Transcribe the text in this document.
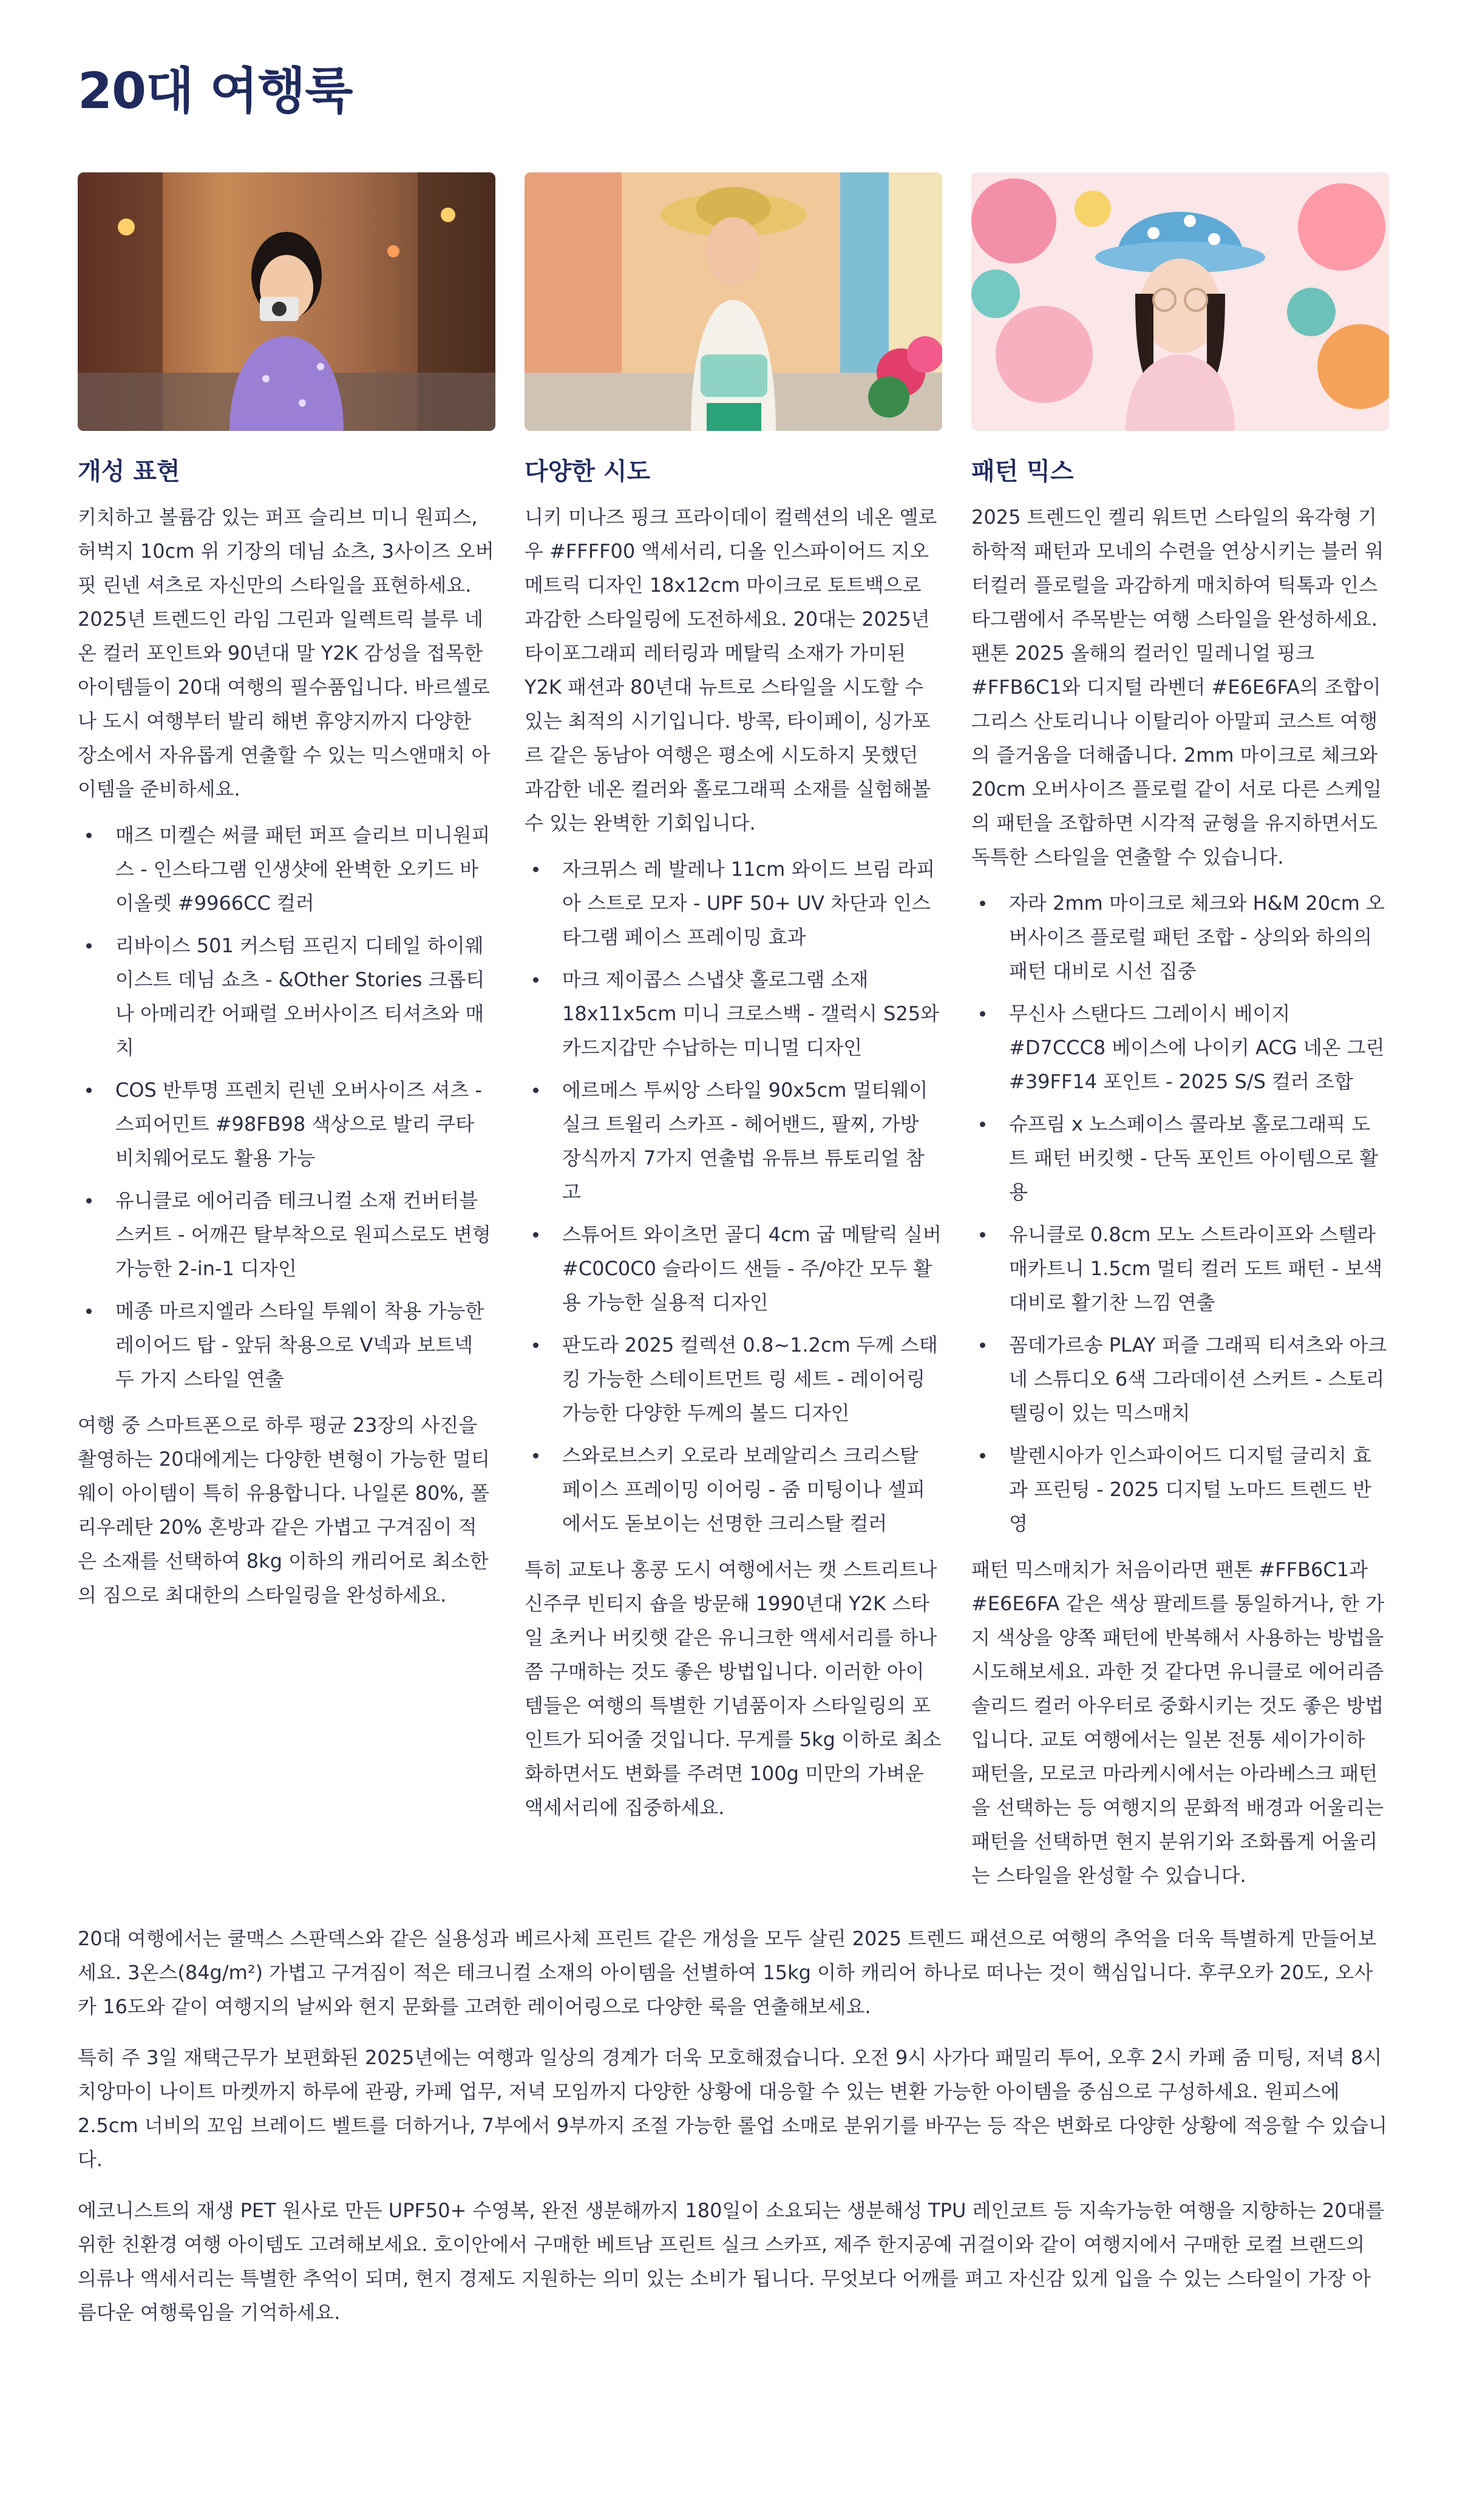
20대 여행룩
개성 표현

키치하고 볼륨감 있는 퍼프 슬리브 미니 원피스, 허벅지 10cm 위 기장의 데님 쇼츠, 3사이즈 오버핏 린넨 셔츠로 자신만의 스타일을 표현하세요. 2025년 트렌드인 라임 그린과 일렉트릭 블루 네온 컬러 포인트와 90년대 말 Y2K 감성을 접목한 아이템들이 20대 여행의 필수품입니다. 바르셀로나 도시 여행부터 발리 해변 휴양지까지 다양한 장소에서 자유롭게 연출할 수 있는 믹스앤매치 아이템을 준비하세요.

매즈 미켈슨 써클 패턴 퍼프 슬리브 미니원피스 - 인스타그램 인생샷에 완벽한 오키드 바이올렛 #9966CC 컬러
리바이스 501 커스텀 프린지 디테일 하이웨이스트 데님 쇼츠 - &Other Stories 크롭티나 아메리칸 어패럴 오버사이즈 티셔츠와 매치
COS 반투명 프렌치 린넨 오버사이즈 셔츠 - 스피어민트 #98FB98 색상으로 발리 쿠타 비치웨어로도 활용 가능
유니클로 에어리즘 테크니컬 소재 컨버터블 스커트 - 어깨끈 탈부착으로 원피스로도 변형 가능한 2-in-1 디자인
메종 마르지엘라 스타일 투웨이 착용 가능한 레이어드 탑 - 앞뒤 착용으로 V넥과 보트넥 두 가지 스타일 연출

여행 중 스마트폰으로 하루 평균 23장의 사진을 촬영하는 20대에게는 다양한 변형이 가능한 멀티웨이 아이템이 특히 유용합니다. 나일론 80%, 폴리우레탄 20% 혼방과 같은 가볍고 구겨짐이 적은 소재를 선택하여 8kg 이하의 캐리어로 최소한의 짐으로 최대한의 스타일링을 완성하세요.

다양한 시도

니키 미나즈 핑크 프라이데이 컬렉션의 네온 옐로우 #FFFF00 액세서리, 디올 인스파이어드 지오메트릭 디자인 18x12cm 마이크로 토트백으로 과감한 스타일링에 도전하세요. 20대는 2025년 타이포그래피 레터링과 메탈릭 소재가 가미된 Y2K 패션과 80년대 뉴트로 스타일을 시도할 수 있는 최적의 시기입니다. 방콕, 타이페이, 싱가포르 같은 동남아 여행은 평소에 시도하지 못했던 과감한 네온 컬러와 홀로그래픽 소재를 실험해볼 수 있는 완벽한 기회입니다.

자크뮈스 레 발레나 11cm 와이드 브림 라피아 스트로 모자 - UPF 50+ UV 차단과 인스타그램 페이스 프레이밍 효과
마크 제이콥스 스냅샷 홀로그램 소재 18x11x5cm 미니 크로스백 - 갤럭시 S25와 카드지갑만 수납하는 미니멀 디자인
에르메스 투씨앙 스타일 90x5cm 멀티웨이 실크 트윌리 스카프 - 헤어밴드, 팔찌, 가방 장식까지 7가지 연출법 유튜브 튜토리얼 참고
스튜어트 와이츠먼 골디 4cm 굽 메탈릭 실버 #C0C0C0 슬라이드 샌들 - 주/야간 모두 활용 가능한 실용적 디자인
판도라 2025 컬렉션 0.8~1.2cm 두께 스태킹 가능한 스테이트먼트 링 세트 - 레이어링 가능한 다양한 두께의 볼드 디자인
스와로브스키 오로라 보레알리스 크리스탈 페이스 프레이밍 이어링 - 줌 미팅이나 셀피에서도 돋보이는 선명한 크리스탈 컬러

특히 교토나 홍콩 도시 여행에서는 캣 스트리트나 신주쿠 빈티지 숍을 방문해 1990년대 Y2K 스타일 초커나 버킷햇 같은 유니크한 액세서리를 하나쯤 구매하는 것도 좋은 방법입니다. 이러한 아이템들은 여행의 특별한 기념품이자 스타일링의 포인트가 되어줄 것입니다. 무게를 5kg 이하로 최소화하면서도 변화를 주려면 100g 미만의 가벼운 액세서리에 집중하세요.

패턴 믹스

2025 트렌드인 켈리 워트먼 스타일의 육각형 기하학적 패턴과 모네의 수련을 연상시키는 블러 워터컬러 플로럴을 과감하게 매치하여 틱톡과 인스타그램에서 주목받는 여행 스타일을 완성하세요. 팬톤 2025 올해의 컬러인 밀레니얼 핑크 #FFB6C1와 디지털 라벤더 #E6E6FA의 조합이 그리스 산토리니나 이탈리아 아말피 코스트 여행의 즐거움을 더해줍니다. 2mm 마이크로 체크와 20cm 오버사이즈 플로럴 같이 서로 다른 스케일의 패턴을 조합하면 시각적 균형을 유지하면서도 독특한 스타일을 연출할 수 있습니다.

자라 2mm 마이크로 체크와 H&M 20cm 오버사이즈 플로럴 패턴 조합 - 상의와 하의의 패턴 대비로 시선 집중
무신사 스탠다드 그레이시 베이지 #D7CCC8 베이스에 나이키 ACG 네온 그린 #39FF14 포인트 - 2025 S/S 컬러 조합
슈프림 x 노스페이스 콜라보 홀로그래픽 도트 패턴 버킷햇 - 단독 포인트 아이템으로 활용
유니클로 0.8cm 모노 스트라이프와 스텔라 매카트니 1.5cm 멀티 컬러 도트 패턴 - 보색 대비로 활기찬 느낌 연출
꼼데가르송 PLAY 퍼즐 그래픽 티셔츠와 아크네 스튜디오 6색 그라데이션 스커트 - 스토리텔링이 있는 믹스매치
발렌시아가 인스파이어드 디지털 글리치 효과 프린팅 - 2025 디지털 노마드 트렌드 반영

패턴 믹스매치가 처음이라면 팬톤 #FFB6C1과 #E6E6FA 같은 색상 팔레트를 통일하거나, 한 가지 색상을 양쪽 패턴에 반복해서 사용하는 방법을 시도해보세요. 과한 것 같다면 유니클로 에어리즘 솔리드 컬러 아우터로 중화시키는 것도 좋은 방법입니다. 교토 여행에서는 일본 전통 세이가이하 패턴을, 모로코 마라케시에서는 아라베스크 패턴을 선택하는 등 여행지의 문화적 배경과 어울리는 패턴을 선택하면 현지 분위기와 조화롭게 어울리는 스타일을 완성할 수 있습니다.

20대 여행에서는 쿨맥스 스판덱스와 같은 실용성과 베르사체 프린트 같은 개성을 모두 살린 2025 트렌드 패션으로 여행의 추억을 더욱 특별하게 만들어보세요. 3온스(84g/m²) 가볍고 구겨짐이 적은 테크니컬 소재의 아이템을 선별하여 15kg 이하 캐리어 하나로 떠나는 것이 핵심입니다. 후쿠오카 20도, 오사카 16도와 같이 여행지의 날씨와 현지 문화를 고려한 레이어링으로 다양한 룩을 연출해보세요.

특히 주 3일 재택근무가 보편화된 2025년에는 여행과 일상의 경계가 더욱 모호해졌습니다. 오전 9시 사가다 패밀리 투어, 오후 2시 카페 줌 미팅, 저녁 8시 치앙마이 나이트 마켓까지 하루에 관광, 카페 업무, 저녁 모임까지 다양한 상황에 대응할 수 있는 변환 가능한 아이템을 중심으로 구성하세요. 원피스에 2.5cm 너비의 꼬임 브레이드 벨트를 더하거나, 7부에서 9부까지 조절 가능한 롤업 소매로 분위기를 바꾸는 등 작은 변화로 다양한 상황에 적응할 수 있습니다.

에코니스트의 재생 PET 원사로 만든 UPF50+ 수영복, 완전 생분해까지 180일이 소요되는 생분해성 TPU 레인코트 등 지속가능한 여행을 지향하는 20대를 위한 친환경 여행 아이템도 고려해보세요. 호이안에서 구매한 베트남 프린트 실크 스카프, 제주 한지공예 귀걸이와 같이 여행지에서 구매한 로컬 브랜드의 의류나 액세서리는 특별한 추억이 되며, 현지 경제도 지원하는 의미 있는 소비가 됩니다. 무엇보다 어깨를 펴고 자신감 있게 입을 수 있는 스타일이 가장 아름다운 여행룩임을 기억하세요.
